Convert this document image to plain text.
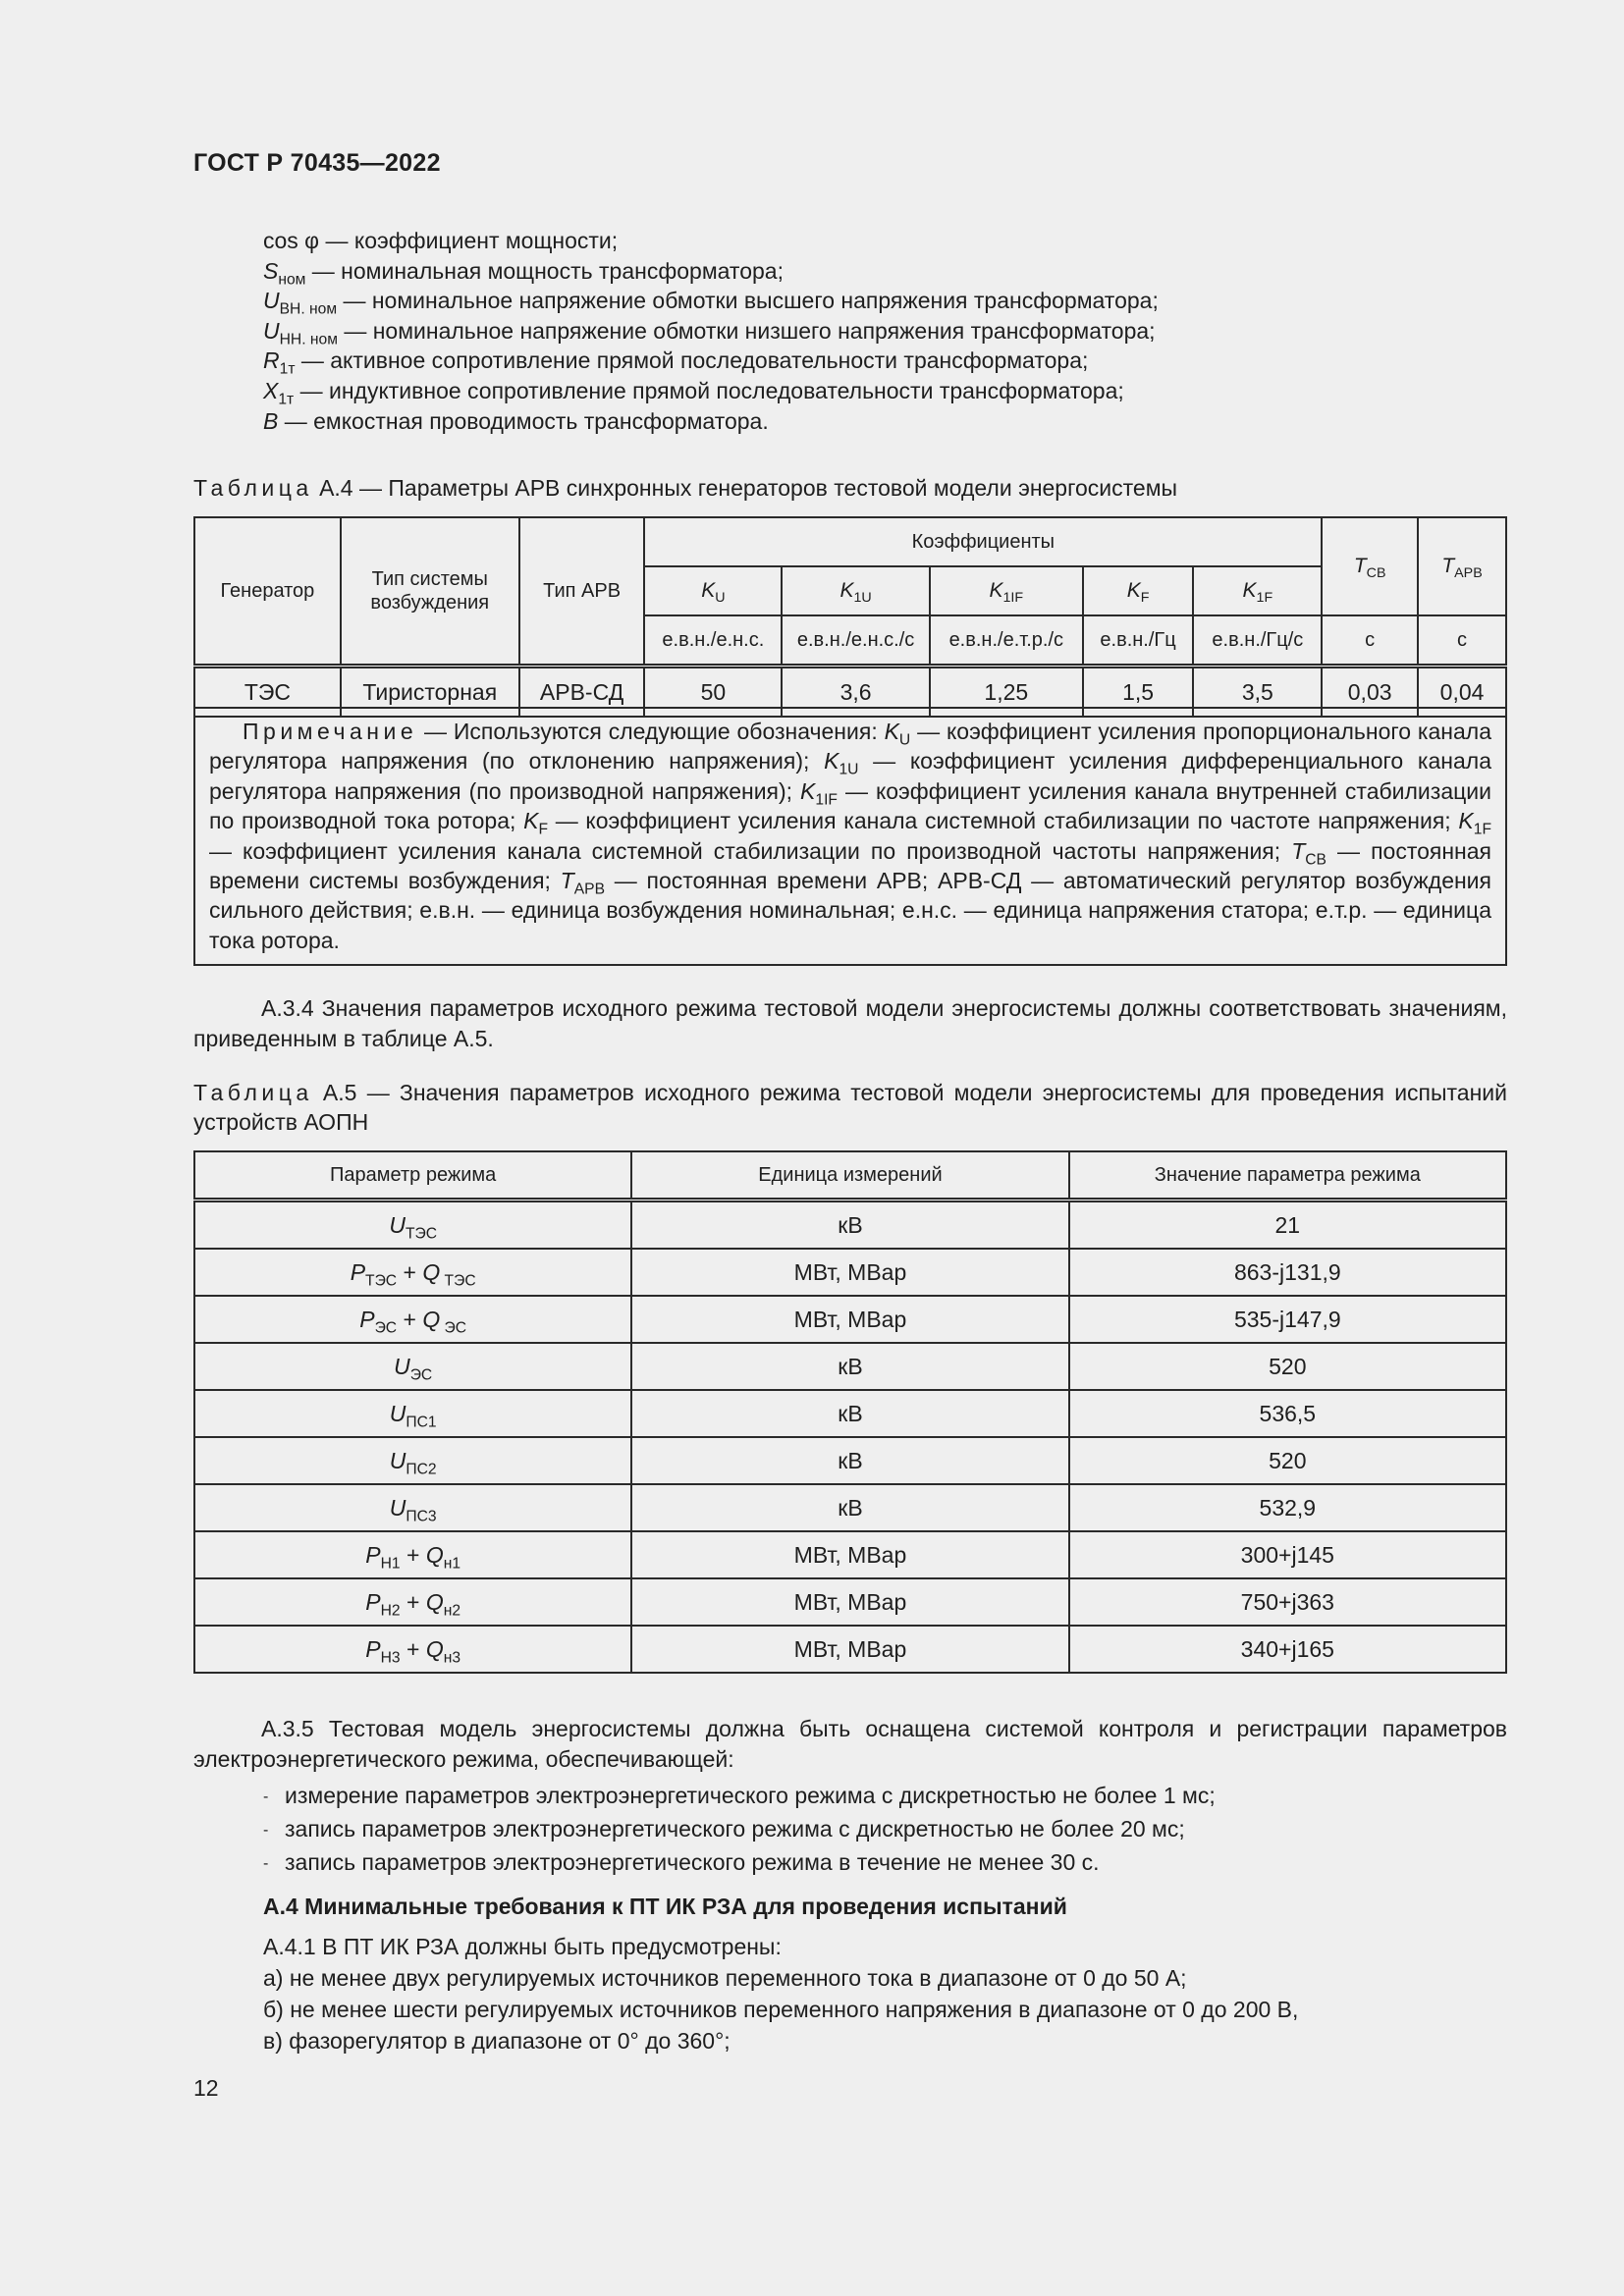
ГОСТ Р 70435—2022
cos φ — коэффициент мощности;
$S_{ном}$ — номинальная мощность трансформатора;
$U_{ВН. ном}$ — номинальное напряжение обмотки высшего напряжения трансформатора;
$U_{НН. ном}$ — номинальное напряжение обмотки низшего напряжения трансформатора;
$R_{1т}$ — активное сопротивление прямой последовательности трансформатора;
$X_{1т}$ — индуктивное сопротивление прямой последовательности трансформатора;
B — емкостная проводимость трансформатора.
Таблица А.4 — Параметры АРВ синхронных генераторов тестовой модели энергосистемы
Генератор	Тип системы возбуждения	Тип АРВ	Коэффициенты					$T_{СВ}$	$T_{АРВ}$
			$K_U$	$K_{1U}$	$K_{1IF}$	$K_F$	$K_{1F}$
			е.в.н./е.н.с.	е.в.н./е.н.с./с	е.в.н./е.т.р./с	е.в.н./Гц	е.в.н./Гц/с	с	с
ТЭС	Тиристорная	АРВ-СД	50	3,6	1,25	1,5	3,5	0,03	0,04
Примечание — Используются следующие обозначения: $K_U$ — коэффициент усиления пропорционального канала регулятора напряжения (по отклонению напряжения); $K_{1U}$ — коэффициент усиления дифференциального канала регулятора напряжения (по производной напряжения); $K_{1IF}$ — коэффициент усиления канала внутренней стабилизации по производной тока ротора; $K_F$ — коэффициент усиления канала системной стабилизации по частоте напряжения; $K_{1F}$ — коэффициент усиления канала системной стабилизации по производной частоты напряжения; $T_{СВ}$ — постоянная времени системы возбуждения; $T_{АРВ}$ — постоянная времени АРВ; АРВ-СД — автоматический регулятор возбуждения сильного действия; е.в.н. — единица возбуждения номинальная; е.н.с. — единица напряжения статора; е.т.р. — единица тока ротора.
А.3.4 Значения параметров исходного режима тестовой модели энергосистемы должны соответствовать значениям, приведенным в таблице А.5.
Таблица А.5 — Значения параметров исходного режима тестовой модели энергосистемы для проведения испытаний устройств АОПН
Параметр режима	Единица измерений	Значение параметра режима
$U_{ТЭС}$	кВ	21
$P_{ТЭС} + Q$ $_{ТЭС}$	МВт, МВар	863-j131,9
$P_{ЭС} + Q$ $_{ЭС}$	МВт, МВар	535-j147,9
$U_{ЭС}$	кВ	520
$U_{ПС1}$	кВ	536,5
$U_{ПС2}$	кВ	520
$U_{ПС3}$	кВ	532,9
$P_{Н1} + Q_{н1}$	МВт, МВар	300+j145
$P_{Н2} + Q_{н2}$	МВт, МВар	750+j363
$P_{Н3} + Q_{н3}$	МВт, МВар	340+j165
А.3.5 Тестовая модель энергосистемы должна быть оснащена системой контроля и регистрации параметров электроэнергетического режима, обеспечивающей:
- измерение параметров электроэнергетического режима с дискретностью не более 1 мс;
- запись параметров электроэнергетического режима с дискретностью не более 20 мс;
- запись параметров электроэнергетического режима в течение не менее 30 с.
А.4 Минимальные требования к ПТ ИК РЗА для проведения испытаний
А.4.1 В ПТ ИК РЗА должны быть предусмотрены:
а) не менее двух регулируемых источников переменного тока в диапазоне от 0 до 50 А;
б) не менее шести регулируемых источников переменного напряжения в диапазоне от 0 до 200 В,
в) фазорегулятор в диапазоне от 0° до 360°;
12
